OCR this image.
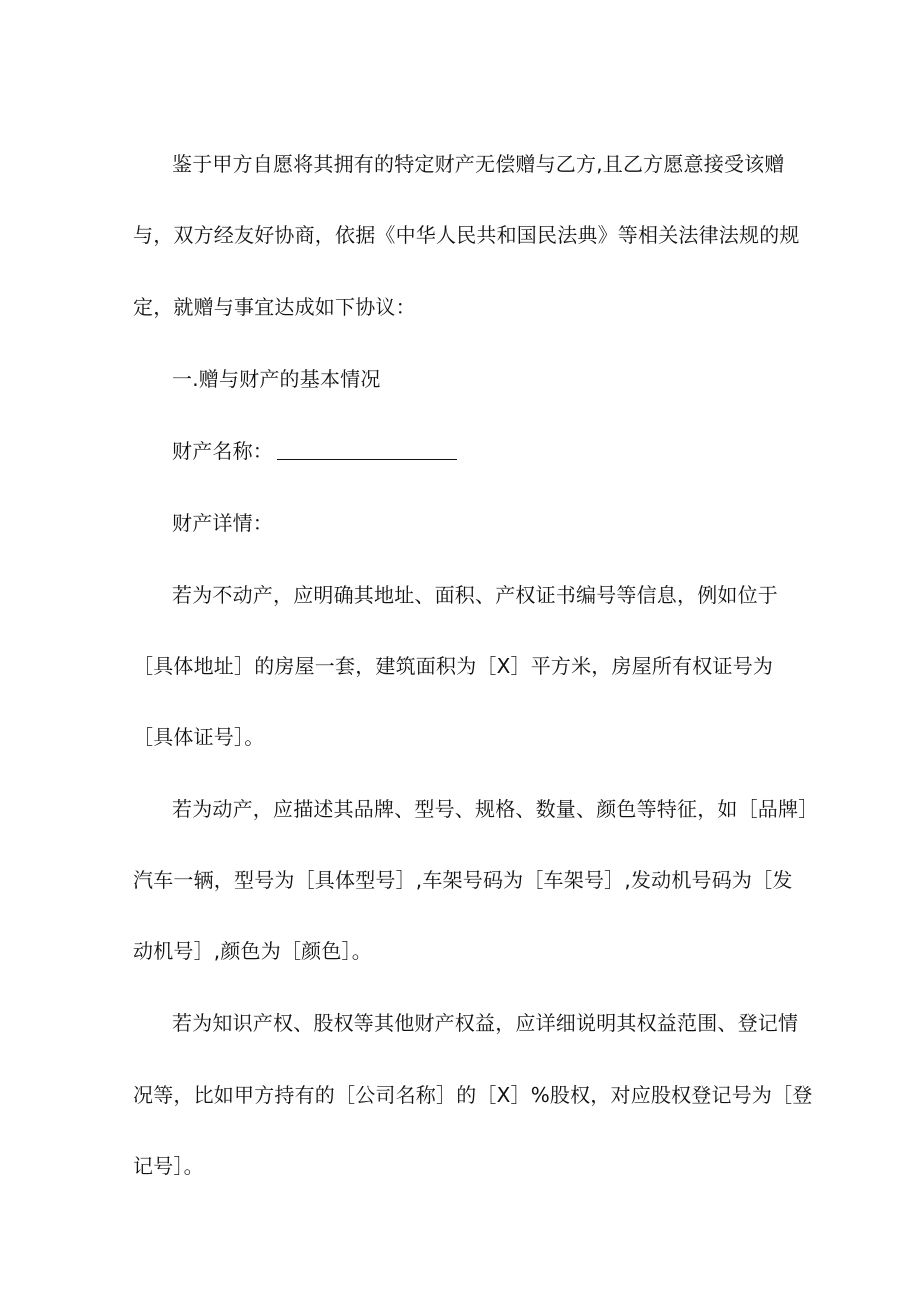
鉴于甲方自愿将其拥有的特定财产无偿赠与乙方,且乙方愿意接受该赠
与，双方经友好协商，依据《中华人民共和国民法典》等相关法律法规的规
定，就赠与事宜达成如下协议：
一.赠与财产的基本情况
财产名称：
财产详情：
若为不动产，应明确其地址、面积、产权证书编号等信息，例如位于
［具体地址］的房屋一套，建筑面积为［X］平方米，房屋所有权证号为
［具体证号］。
若为动产，应描述其品牌、型号、规格、数量、颜色等特征，如［品牌］
汽车一辆，型号为［具体型号］,车架号码为［车架号］,发动机号码为［发
动机号］,颜色为［颜色］。
若为知识产权、股权等其他财产权益，应详细说明其权益范围、登记情
况等，比如甲方持有的［公司名称］的［X］%股权，对应股权登记号为［登
记号］。
